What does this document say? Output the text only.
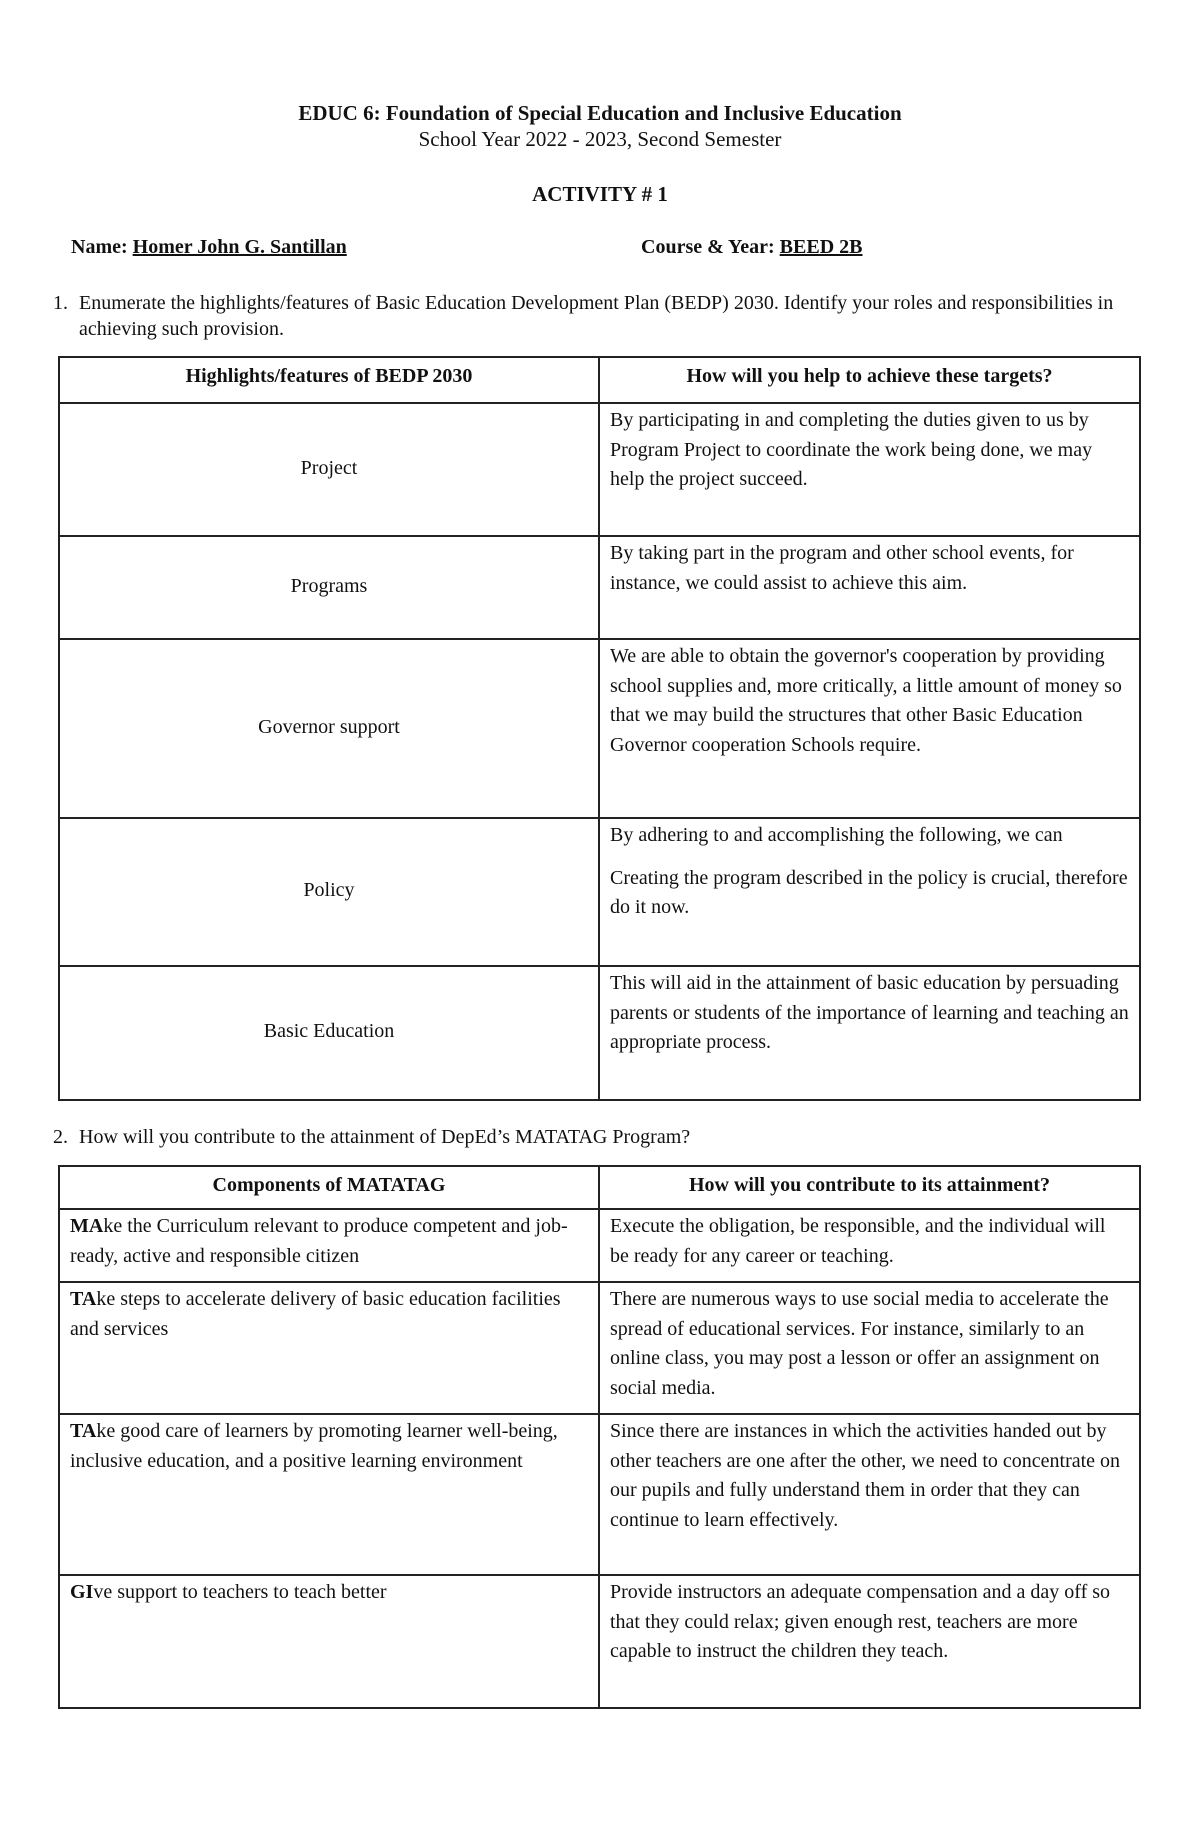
EDUC 6: Foundation of Special Education and Inclusive Education
School Year 2022 - 2023, Second Semester
ACTIVITY # 1
Name: Homer John G. Santillan	Course & Year: BEED 2B
1. Enumerate the highlights/features of Basic Education Development Plan (BEDP) 2030. Identify your roles and responsibilities in achieving such provision.
Highlights/features of BEDP 2030	How will you help to achieve these targets?
Project	By participating in and completing the duties given to us by Program Project to coordinate the work being done, we may help the project succeed.

Programs	By taking part in the program and other school events, for instance, we could assist to achieve this aim.

Governor support	We are able to obtain the governor's cooperation by providing school supplies and, more critically, a little amount of money so that we may build the structures that other Basic Education Governor cooperation Schools require.

Policy	By adhering to and accomplishing the following, we can

Creating the program described in the policy is crucial, therefore do it now.

Basic Education	This will aid in the attainment of basic education by persuading parents or students of the importance of learning and teaching an appropriate process.

2. How will you contribute to the attainment of DepEd’s MATATAG Program?
Components of MATATAG	How will you contribute to its attainment?
MAke the Curriculum relevant to produce competent and job-ready, active and responsible citizen	Execute the obligation, be responsible, and the individual will be ready for any career or teaching.
TAke steps to accelerate delivery of basic education facilities and services	There are numerous ways to use social media to accelerate the spread of educational services. For instance, similarly to an online class, you may post a lesson or offer an assignment on social media.
TAke good care of learners by promoting learner well-being, inclusive education, and a positive learning environment	Since there are instances in which the activities handed out by other teachers are one after the other, we need to concentrate on our pupils and fully understand them in order that they can continue to learn effectively.
GIve support to teachers to teach better	Provide instructors an adequate compensation and a day off so that they could relax; given enough rest, teachers are more capable to instruct the children they teach.
